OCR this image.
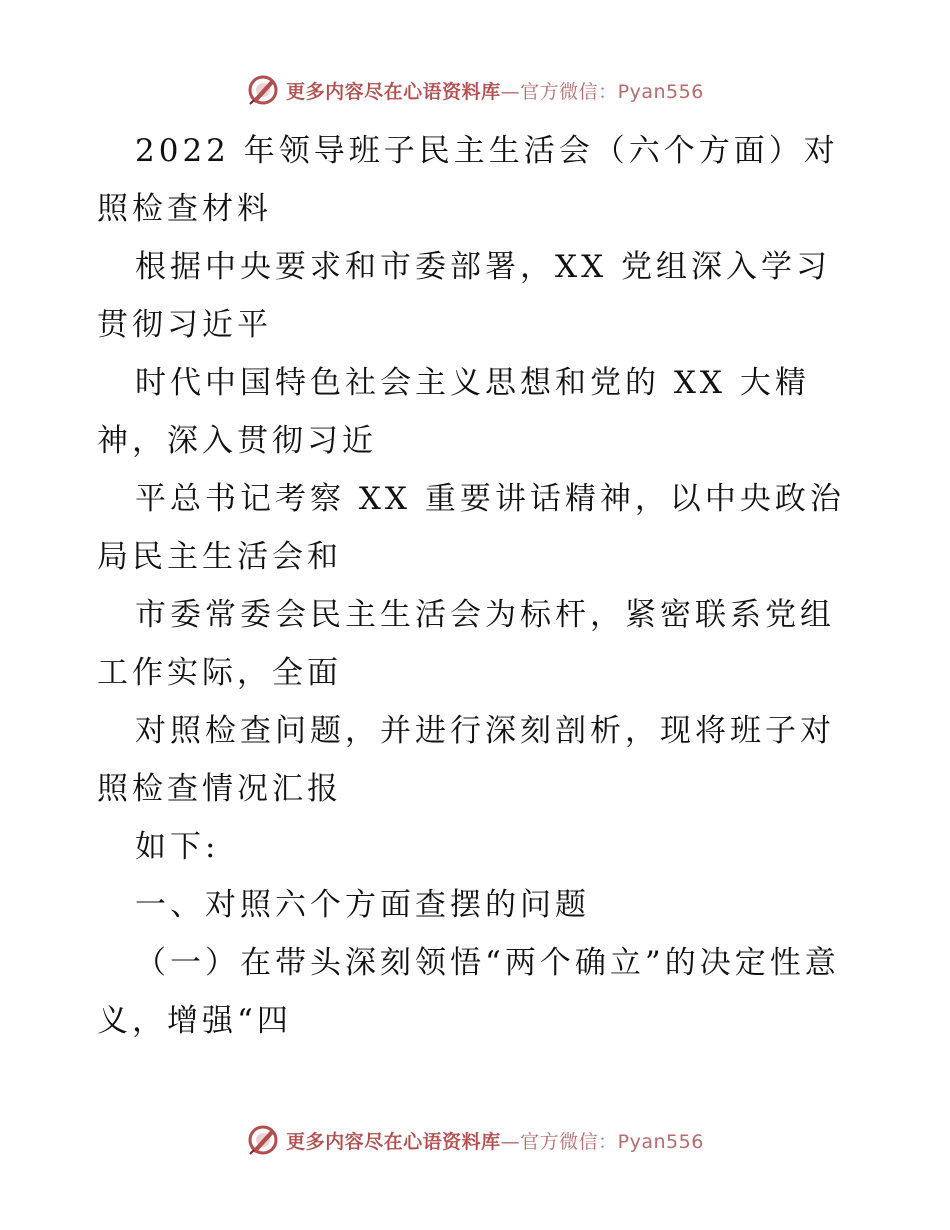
更多内容尽在心语资料库—官方微信：Pyan556

2022 年领导班子民主生活会（六个方面）对照检查材料

根据中央要求和市委部署，XX 党组深入学习贯彻习近平

时代中国特色社会主义思想和党的 XX 大精神，深入贯彻习近

平总书记考察 XX 重要讲话精神，以中央政治局民主生活会和

市委常委会民主生活会为标杆，紧密联系党组工作实际，全面

对照检查问题，并进行深刻剖析，现将班子对照检查情况汇报

如下:

一、对照六个方面查摆的问题

（一）在带头深刻领悟“两个确立”的决定性意义，增强“四

更多内容尽在心语资料库—官方微信：Pyan556
